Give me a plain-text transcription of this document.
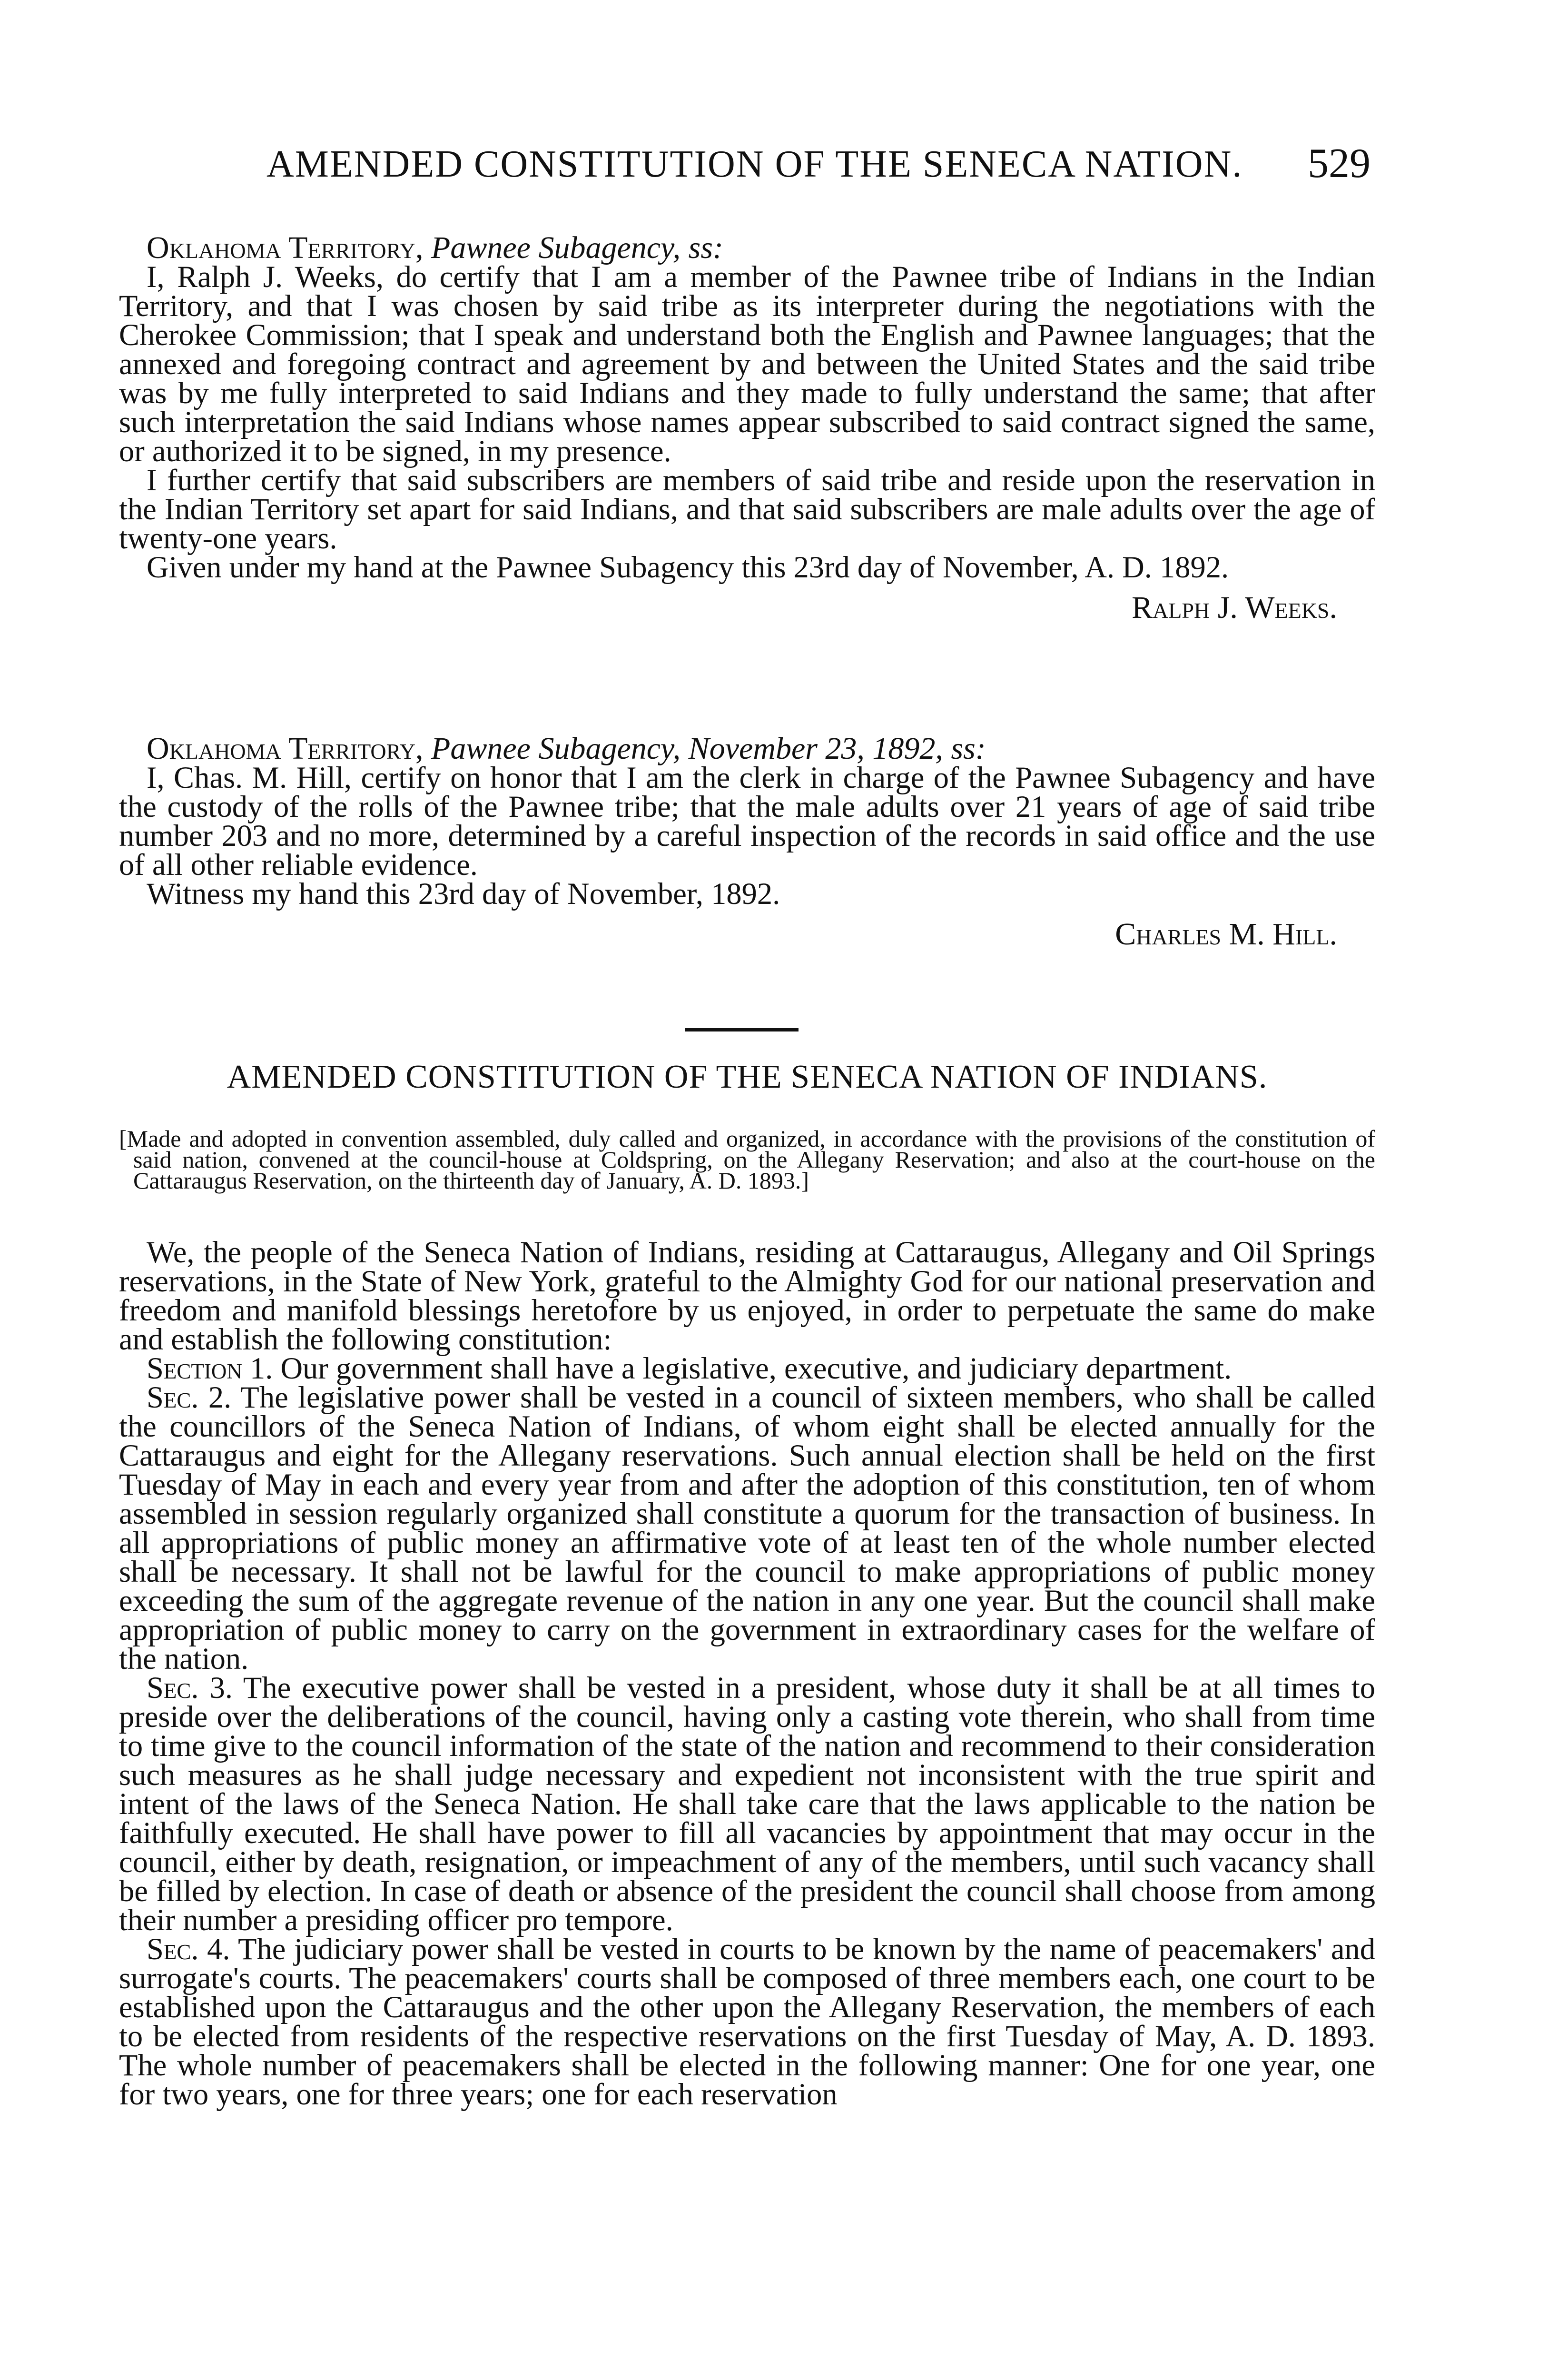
AMENDED CONSTITUTION OF THE SENECA NATION.	529

Oklahoma Territory, Pawnee Subagency, ss:

I, Ralph J. Weeks, do certify that I am a member of the Pawnee tribe of Indians in the Indian Territory, and that I was chosen by said tribe as its interpreter during the negotiations with the Cherokee Commission; that I speak and understand both the English and Pawnee languages; that the annexed and foregoing contract and agreement by and between the United States and the said tribe was by me fully interpreted to said Indians and they made to fully understand the same; that after such interpretation the said Indians whose names appear subscribed to said contract signed the same, or authorized it to be signed, in my presence.

I further certify that said subscribers are members of said tribe and reside upon the reservation in the Indian Territory set apart for said Indians, and that said subscribers are male adults over the age of twenty-one years.

Given under my hand at the Pawnee Subagency this 23rd day of November, A. D. 1892.

Ralph J. Weeks.

Oklahoma Territory, Pawnee Subagency, November 23, 1892, ss:

I, Chas. M. Hill, certify on honor that I am the clerk in charge of the Pawnee Subagency and have the custody of the rolls of the Pawnee tribe; that the male adults over 21 years of age of said tribe number 203 and no more, determined by a careful inspection of the records in said office and the use of all other reliable evidence.

Witness my hand this 23rd day of November, 1892.

Charles M. Hill.

AMENDED CONSTITUTION OF THE SENECA NATION OF INDIANS.

[Made and adopted in convention assembled, duly called and organized, in accordance with the provisions of the constitution of said nation, convened at the council-house at Coldspring, on the Allegany Reservation; and also at the court-house on the Cattaraugus Reservation, on the thirteenth day of January, A. D. 1893.]

We, the people of the Seneca Nation of Indians, residing at Cattaraugus, Allegany and Oil Springs reservations, in the State of New York, grateful to the Almighty God for our national preservation and freedom and manifold blessings heretofore by us enjoyed, in order to perpetuate the same do make and establish the following constitution:

Section 1. Our government shall have a legislative, executive, and judiciary department.

Sec. 2. The legislative power shall be vested in a council of sixteen members, who shall be called the councillors of the Seneca Nation of Indians, of whom eight shall be elected annually for the Cattaraugus and eight for the Allegany reservations. Such annual election shall be held on the first Tuesday of May in each and every year from and after the adoption of this constitution, ten of whom assembled in session regularly organized shall constitute a quorum for the transaction of business. In all appropriations of public money an affirmative vote of at least ten of the whole number elected shall be necessary. It shall not be lawful for the council to make appropriations of public money exceeding the sum of the aggregate revenue of the nation in any one year. But the council shall make appropriation of public money to carry on the government in extraordinary cases for the welfare of the nation.

Sec. 3. The executive power shall be vested in a president, whose duty it shall be at all times to preside over the deliberations of the council, having only a casting vote therein, who shall from time to time give to the council information of the state of the nation and recommend to their consideration such measures as he shall judge necessary and expedient not inconsistent with the true spirit and intent of the laws of the Seneca Nation. He shall take care that the laws applicable to the nation be faithfully executed. He shall have power to fill all vacancies by appointment that may occur in the council, either by death, resignation, or impeachment of any of the members, until such vacancy shall be filled by election. In case of death or absence of the president the council shall choose from among their number a presiding officer pro tempore.

Sec. 4. The judiciary power shall be vested in courts to be known by the name of peacemakers' and surrogate's courts. The peacemakers' courts shall be composed of three members each, one court to be established upon the Cattaraugus and the other upon the Allegany Reservation, the members of each to be elected from residents of the respective reservations on the first Tuesday of May, A. D. 1893. The whole number of peacemakers shall be elected in the following manner: One for one year, one for two years, one for three years; one for each reservation
